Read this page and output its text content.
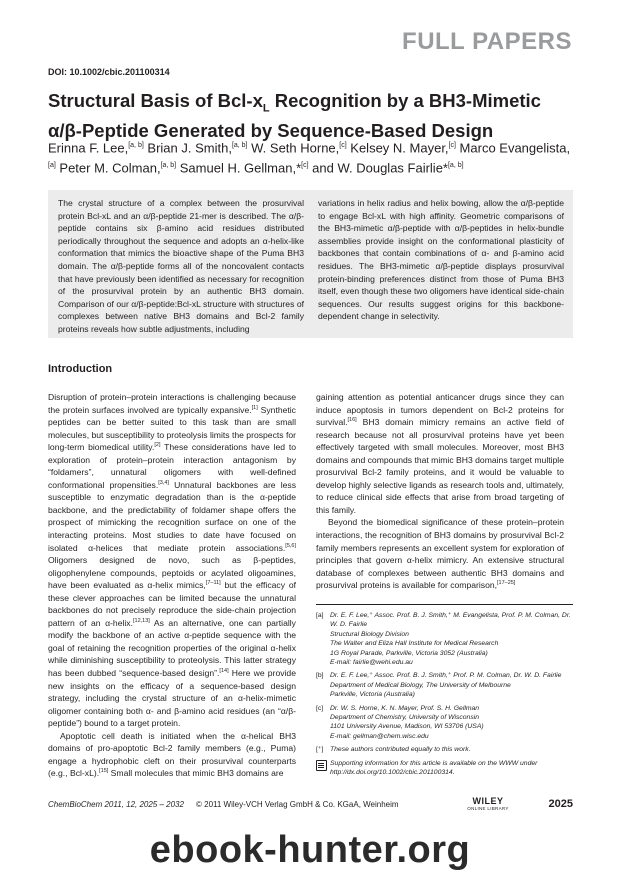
FULL PAPERS
DOI: 10.1002/cbic.201100314
Structural Basis of Bcl-$x_L$ Recognition by a BH3-Mimetic
α/β-Peptide Generated by Sequence-Based Design
Erinna F. Lee,[a, b] Brian J. Smith,[a, b] W. Seth Horne,[c] Kelsey N. Mayer,[c] Marco Evangelista,[a] Peter M. Colman,[a, b] Samuel H. Gellman,*[c] and W. Douglas Fairlie*[a, b]
The crystal structure of a complex between the prosurvival protein Bcl-xL and an α/β-peptide 21-mer is described. The α/β-peptide contains six β-amino acid residues distributed periodically throughout the sequence and adopts an α-helix-like conformation that mimics the bioactive shape of the Puma BH3 domain. The α/β-peptide forms all of the noncovalent contacts that have previously been identified as necessary for recognition of the prosurvival protein by an authentic BH3 domain. Comparison of our α/β-peptide:Bcl-xL structure with structures of complexes between native BH3 domains and Bcl-2 family proteins reveals how subtle adjustments, including
variations in helix radius and helix bowing, allow the α/β-peptide to engage Bcl-xL with high affinity. Geometric comparisons of the BH3-mimetic α/β-peptide with α/β-peptides in helix-bundle assemblies provide insight on the conformational plasticity of backbones that contain combinations of α- and β-amino acid residues. The BH3-mimetic α/β-peptide displays prosurvival protein-binding preferences distinct from those of Puma BH3 itself, even though these two oligomers have identical side-chain sequences. Our results suggest origins for this backbone-dependent change in selectivity.
Introduction

Disruption of protein–protein interactions is challenging because the protein surfaces involved are typically expansive.[1] Synthetic peptides can be better suited to this task than are small molecules, but susceptibility to proteolysis limits the prospects for long-term biomedical utility.[2] These considerations have led to exploration of protein–protein interaction antagonism by “foldamers”, unnatural oligomers with well-defined conformational propensities.[3,4] Unnatural backbones are less susceptible to enzymatic degradation than is the α-peptide backbone, and the predictability of foldamer shape offers the prospect of mimicking the recognition surface on one of the interacting proteins. Most studies to date have focused on isolated α-helices that mediate protein associations.[5,6] Oligomers designed de novo, such as β-peptides, oligophenylene compounds, peptoids or acylated oligoamines, have been evaluated as α-helix mimics,[7–11] but the efficacy of these clever approaches can be limited because the unnatural backbones do not precisely reproduce the side-chain projection pattern of an α-helix.[12,13] As an alternative, one can partially modify the backbone of an active α-peptide sequence with the goal of retaining the recognition properties of the original α-helix while diminishing susceptibility to proteolysis. This latter strategy has been dubbed “sequence-based design”.[14] Here we provide new insights on the efficacy of a sequence-based design strategy, including the crystal structure of an α-helix-mimetic oligomer containing both α- and β-amino acid residues (an “α/β-peptide”) bound to a target protein.

Apoptotic cell death is initiated when the α-helical BH3 domains of pro-apoptotic Bcl-2 family members (e.g., Puma) engage a hydrophobic cleft on their prosurvival counterparts (e.g., Bcl-xL).[15] Small molecules that mimic BH3 domains are

gaining attention as potential anticancer drugs since they can induce apoptosis in tumors dependent on Bcl-2 proteins for survival.[16] BH3 domain mimicry remains an active field of research because not all prosurvival proteins have yet been effectively targeted with small molecules. Moreover, most BH3 domains and compounds that mimic BH3 domains target multiple prosurvival Bcl-2 family proteins, and it would be valuable to develop highly selective ligands as research tools and, ultimately, to reduce clinical side effects that arise from broad targeting of this family.

Beyond the biomedical significance of these protein–protein interactions, the recognition of BH3 domains by prosurvival Bcl-2 family members represents an excellent system for exploration of principles that govern α-helix mimicry. An extensive structural database of complexes between authentic BH3 domains and prosurvival proteins is available for comparison,[17–25]

[a] Dr. E. F. Lee,⁺ Assoc. Prof. B. J. Smith,⁺ M. Evangelista, Prof. P. M. Colman, Dr. W. D. Fairlie
Structural Biology Division
The Walter and Eliza Hall Institute for Medical Research
1G Royal Parade, Parkville, Victoria 3052 (Australia)
E-mail: fairlie@wehi.edu.au
[b] Dr. E. F. Lee,⁺ Assoc. Prof. B. J. Smith,⁺ Prof. P. M. Colman, Dr. W. D. Fairlie
Department of Medical Biology, The University of Melbourne
Parkville, Victoria (Australia)
[c]	Dr. W. S. Horne, K. N. Mayer, Prof. S. H. Gellman
Department of Chemistry, University of Wisconsin
1101 University Avenue, Madison, WI 53706 (USA)
E-mail: gellman@chem.wisc.edu
[⁺] These authors contributed equally to this work.
Supporting information for this article is available on the WWW under http://dx.doi.org/10.1002/cbic.201100314.
ChemBioChem 2011, 12, 2025 – 2032 © 2011 Wiley-VCH Verlag GmbH & Co. KGaA, Weinheim	WILEY
ONLINE LIBRARY	2025
ebook-hunter.org
